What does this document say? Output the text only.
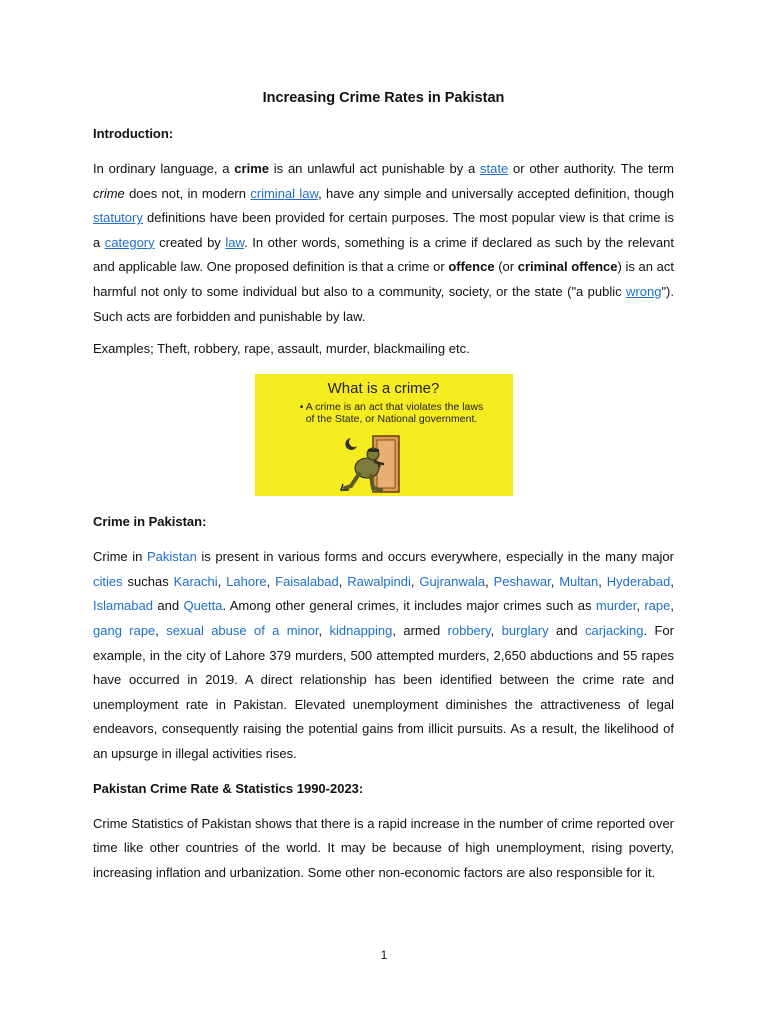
Increasing Crime Rates in Pakistan
Introduction:

In ordinary language, a crime is an unlawful act punishable by a state or other authority. The term crime does not, in modern criminal law, have any simple and universally accepted definition, though statutory definitions have been provided for certain purposes. The most popular view is that crime is a category created by law. In other words, something is a crime if declared as such by the relevant and applicable law. One proposed definition is that a crime or offence (or criminal offence) is an act harmful not only to some individual but also to a community, society, or the state ("a public wrong"). Such acts are forbidden and punishable by law.

Examples; Theft, robbery, rape, assault, murder, blackmailing etc.

What is a crime?
• A crime is an act that violates the laws of the State, or National government.
Crime in Pakistan:

Crime in Pakistan is present in various forms and occurs everywhere, especially in the many major cities suchas Karachi, Lahore, Faisalabad, Rawalpindi, Gujranwala, Peshawar, Multan, Hyderabad, Islamabad and Quetta. Among other general crimes, it includes major crimes such as murder, rape, gang rape, sexual abuse of a minor, kidnapping, armed robbery, burglary and carjacking. For example, in the city of Lahore 379 murders, 500 attempted murders, 2,650 abductions and 55 rapes have occurred in 2019. A direct relationship has been identified between the crime rate and unemployment rate in Pakistan. Elevated unemployment diminishes the attractiveness of legal endeavors, consequently raising the potential gains from illicit pursuits. As a result, the likelihood of an upsurge in illegal activities rises.

Pakistan Crime Rate & Statistics 1990-2023:

Crime Statistics of Pakistan shows that there is a rapid increase in the number of crime reported over time like other countries of the world. It may be because of high unemployment, rising poverty, increasing inflation and urbanization. Some other non-economic factors are also responsible for it.

1
